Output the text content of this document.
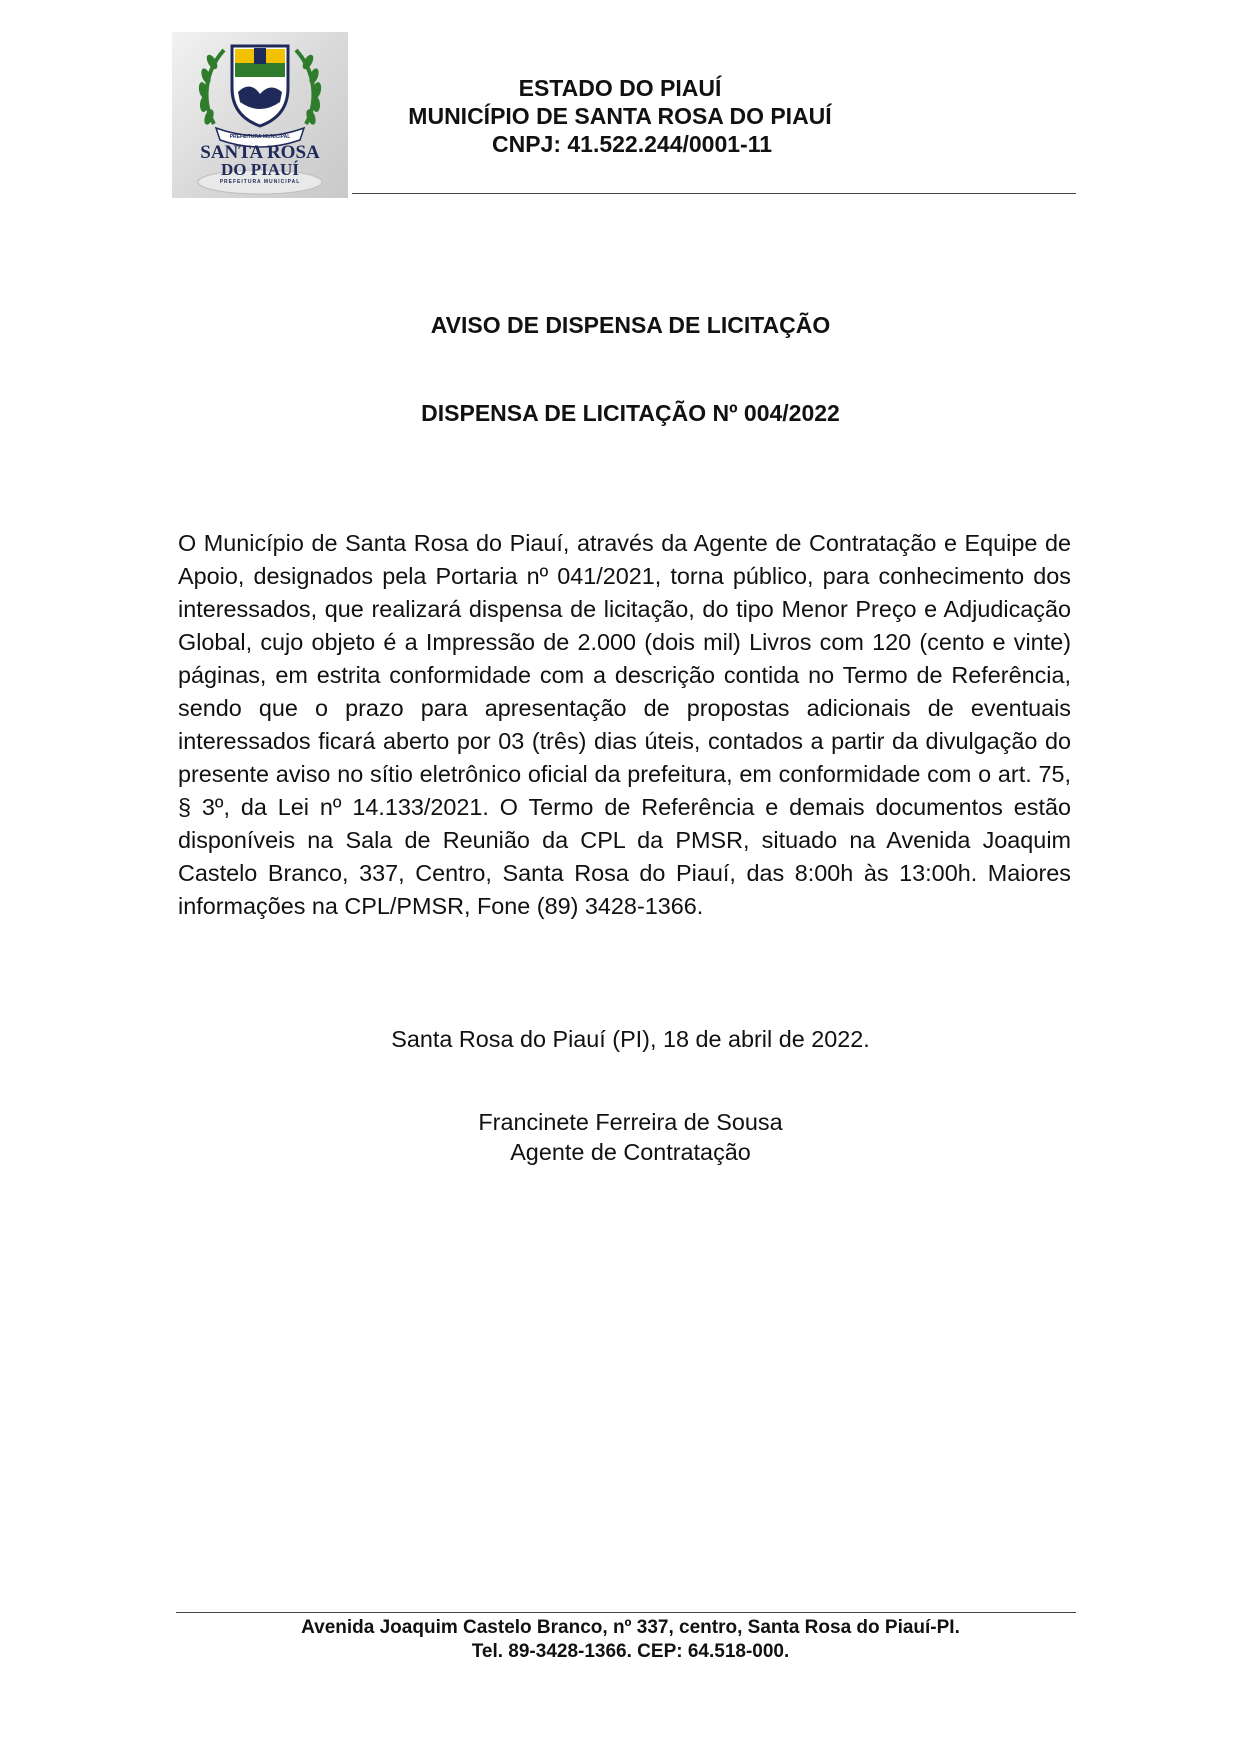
PREFEITURA MUNICIPAL
SANTA ROSA
DO PIAUÍ
PREFEITURA MUNICIPAL
ESTADO DO PIAUÍ
MUNICÍPIO DE SANTA ROSA DO PIAUÍ
CNPJ: 41.522.244/0001-11
AVISO DE DISPENSA DE LICITAÇÃO
DISPENSA DE LICITAÇÃO Nº 004/2022
O Município de Santa Rosa do Piauí, através da Agente de Contratação e Equipe de Apoio, designados pela Portaria nº 041/2021, torna público, para conhecimento dos interessados, que realizará dispensa de licitação, do tipo Menor Preço e Adjudicação Global, cujo objeto é a Impressão de 2.000 (dois mil) Livros com 120 (cento e vinte) páginas, em estrita conformidade com a descrição contida no Termo de Referência, sendo que o prazo para apresentação de propostas adicionais de eventuais interessados ficará aberto por 03 (três) dias úteis, contados a partir da divulgação do presente aviso no sítio eletrônico oficial da prefeitura, em conformidade com o art. 75, § 3º, da Lei nº 14.133/2021. O Termo de Referência e demais documentos estão disponíveis na Sala de Reunião da CPL da PMSR, situado na Avenida Joaquim Castelo Branco, 337, Centro, Santa Rosa do Piauí, das 8:00h às 13:00h. Maiores informações na CPL/PMSR, Fone (89) 3428-1366.
Santa Rosa do Piauí (PI), 18 de abril de 2022.
Francinete Ferreira de Sousa
Agente de Contratação
Avenida Joaquim Castelo Branco, nº 337, centro, Santa Rosa do Piauí-PI.
Tel. 89-3428-1366. CEP: 64.518-000.
